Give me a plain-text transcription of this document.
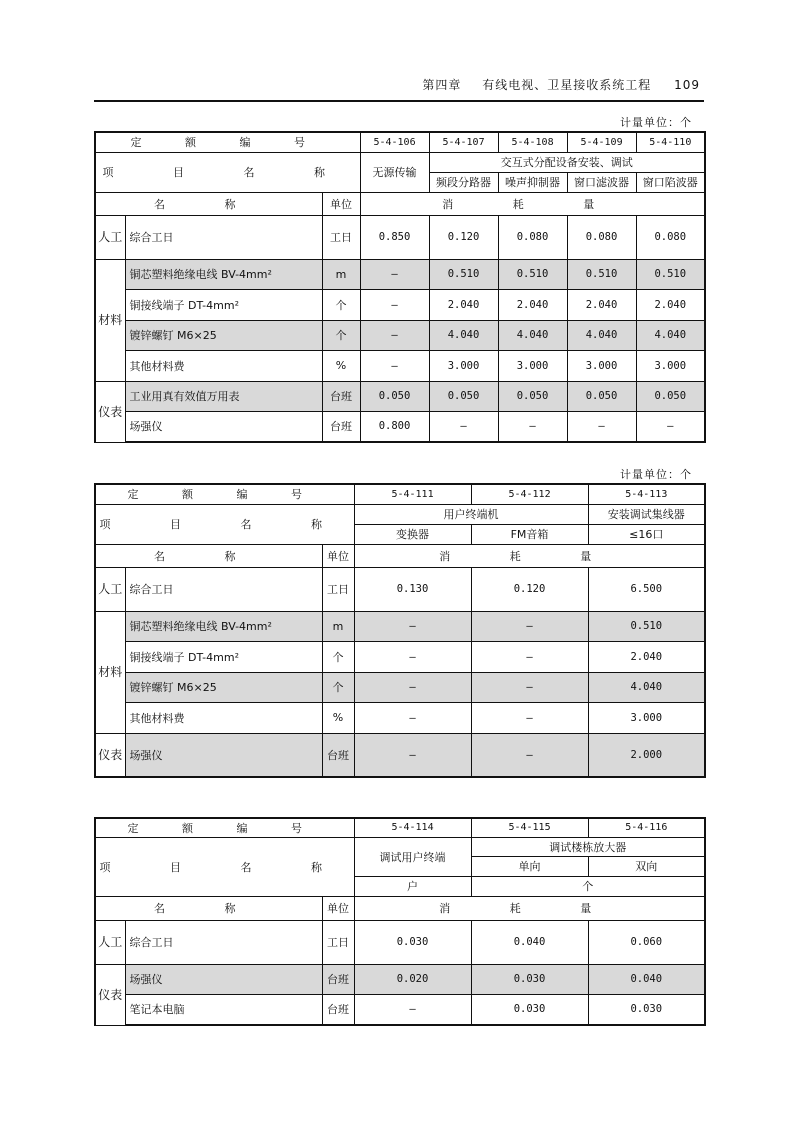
第四章 有线电视、卫星接收系统工程 109
计量单位：个
定 额 编 号			5-4-106	5-4-107	5-4-108	5-4-109	5-4-110
项 目 名 称			无源传输	交互式分配设备安装、调试			
				频段分路器	噪声抑制器	窗口滤波器	窗口陷波器
名 称		单位	消 耗 量				
人工	综合工日	工日	0.850	0.120	0.080	0.080	0.080
材料	铜芯塑料绝缘电线 BV-4mm²	m	—	0.510	0.510	0.510	0.510
	铜接线端子 DT-4mm²	个	—	2.040	2.040	2.040	2.040
	镀锌螺钉 M6×25	个	—	4.040	4.040	4.040	4.040
	其他材料费	%	—	3.000	3.000	3.000	3.000
仪表	工业用真有效值万用表	台班	0.050	0.050	0.050	0.050	0.050
	场强仪	台班	0.800	—	—	—	—
计量单位：个
定 额 编 号			5-4-111	5-4-112	5-4-113
项 目 名 称			用户终端机		安装调试集线器
			变换器	FM音箱	≤16口
名 称		单位	消 耗 量		
人工	综合工日	工日	0.130	0.120	6.500
材料	铜芯塑料绝缘电线 BV-4mm²	m	—	—	0.510
	铜接线端子 DT-4mm²	个	—	—	2.040
	镀锌螺钉 M6×25	个	—	—	4.040
	其他材料费	%	—	—	3.000
仪表	场强仪	台班	—	—	2.000
定 额 编 号			5-4-114	5-4-115	5-4-116
项 目 名 称			调试用户终端	调试楼栋放大器	
				单向	双向
			户	个	
名 称		单位	消 耗 量		
人工	综合工日	工日	0.030	0.040	0.060
仪表	场强仪	台班	0.020	0.030	0.040
	笔记本电脑	台班	—	0.030	0.030
